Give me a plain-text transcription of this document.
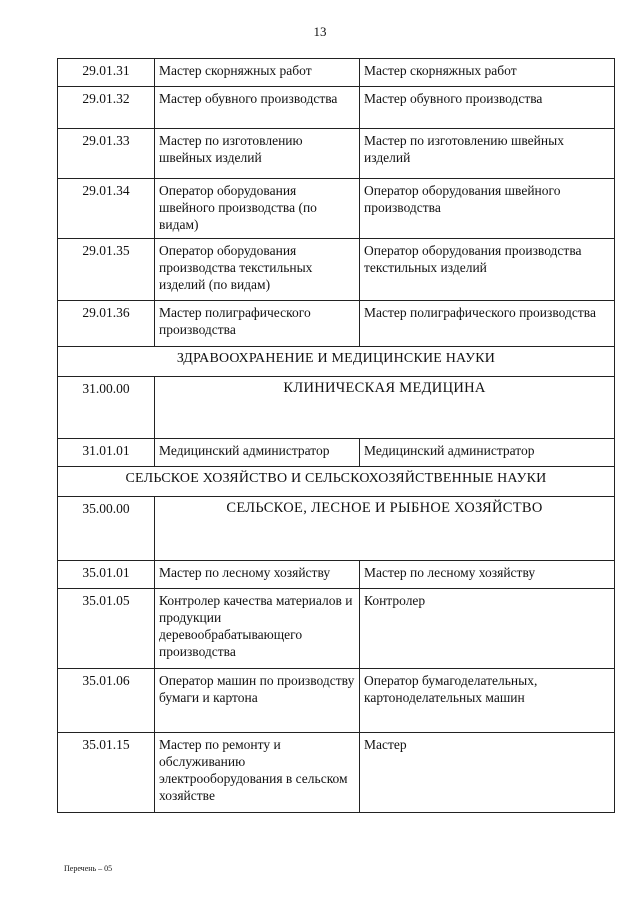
13
29.01.31	Мастер скорняжных работ	Мастер скорняжных работ
29.01.32	Мастер обувного производства	Мастер обувного производства
29.01.33	Мастер по изготовлению швейных изделий	Мастер по изготовлению швейных изделий
29.01.34	Оператор оборудования швейного производства (по видам)	Оператор оборудования швейного производства
29.01.35	Оператор оборудования производства текстильных изделий (по видам)	Оператор оборудования производства текстильных изделий
29.01.36	Мастер полиграфического производства	Мастер полиграфического производства
ЗДРАВООХРАНЕНИЕ И МЕДИЦИНСКИЕ НАУКИ		
31.00.00	КЛИНИЧЕСКАЯ МЕДИЦИНА	
31.01.01	Медицинский администратор	Медицинский администратор
СЕЛЬСКОЕ ХОЗЯЙСТВО И СЕЛЬСКОХОЗЯЙСТВЕННЫЕ НАУКИ		
35.00.00	СЕЛЬСКОЕ, ЛЕСНОЕ И РЫБНОЕ ХОЗЯЙСТВО	
35.01.01	Мастер по лесному хозяйству	Мастер по лесному хозяйству
35.01.05	Контролер качества материалов и продукции деревообрабатывающего производства	Контролер
35.01.06	Оператор машин по производству бумаги и картона	Оператор бумагоделательных, картоноделательных машин
35.01.15	Мастер по ремонту и обслуживанию электрооборудования в сельском хозяйстве	Мастер
Перечень – 05
